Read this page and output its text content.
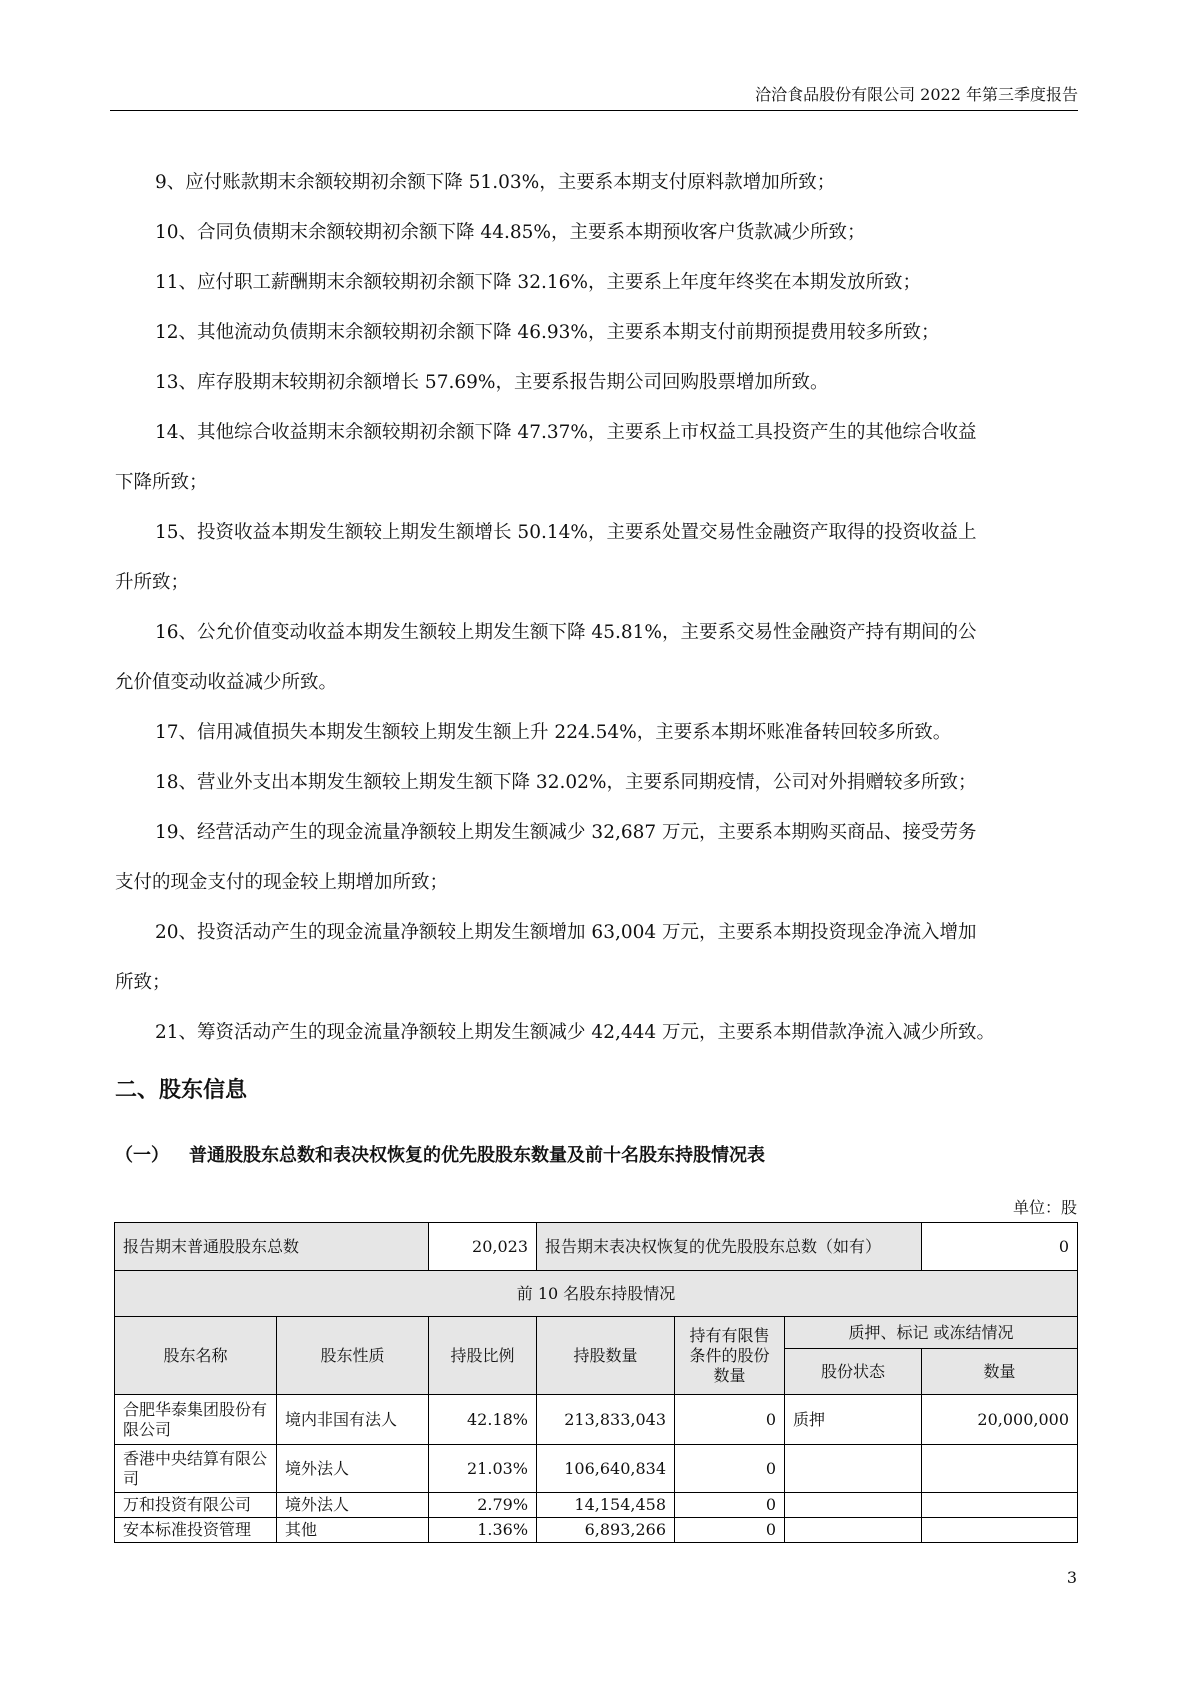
洽洽食品股份有限公司 2022 年第三季度报告

9、应付账款期末余额较期初余额下降 51.03%，主要系本期支付原料款增加所致；

10、合同负债期末余额较期初余额下降 44.85%，主要系本期预收客户货款减少所致；

11、应付职工薪酬期末余额较期初余额下降 32.16%，主要系上年度年终奖在本期发放所致；

12、其他流动负债期末余额较期初余额下降 46.93%，主要系本期支付前期预提费用较多所致；

13、库存股期末较期初余额增长 57.69%，主要系报告期公司回购股票增加所致。

14、其他综合收益期末余额较期初余额下降 47.37%，主要系上市权益工具投资产生的其他综合收益

下降所致；

15、投资收益本期发生额较上期发生额增长 50.14%，主要系处置交易性金融资产取得的投资收益上

升所致；

16、公允价值变动收益本期发生额较上期发生额下降 45.81%，主要系交易性金融资产持有期间的公

允价值变动收益减少所致。

17、信用减值损失本期发生额较上期发生额上升 224.54%，主要系本期坏账准备转回较多所致。

18、营业外支出本期发生额较上期发生额下降 32.02%，主要系同期疫情，公司对外捐赠较多所致；

19、经营活动产生的现金流量净额较上期发生额减少 32,687 万元，主要系本期购买商品、接受劳务

支付的现金支付的现金较上期增加所致；

20、投资活动产生的现金流量净额较上期发生额增加 63,004 万元，主要系本期投资现金净流入增加

所致；

21、筹资活动产生的现金流量净额较上期发生额减少 42,444 万元，主要系本期借款净流入减少所致。

二、股东信息
（一） 普通股股东总数和表决权恢复的优先股股东数量及前十名股东持股情况表
单位：股
报告期末普通股股东总数		20,023	报告期末表决权恢复的优先股股东总数（如有）			0
前 10 名股东持股情况						
股东名称	股东性质	持股比例	持股数量	持有有限售条件的股份数量	质押、标记 或冻结情况	
					股份状态	数量
合肥华泰集团股份有限公司	境内非国有法人	42.18%	213,833,043	0	质押	20,000,000
香港中央结算有限公司	境外法人	21.03%	106,640,834	0		
万和投资有限公司	境外法人	2.79%	14,154,458	0		
安本标准投资管理	其他	1.36%	6,893,266	0		
3
